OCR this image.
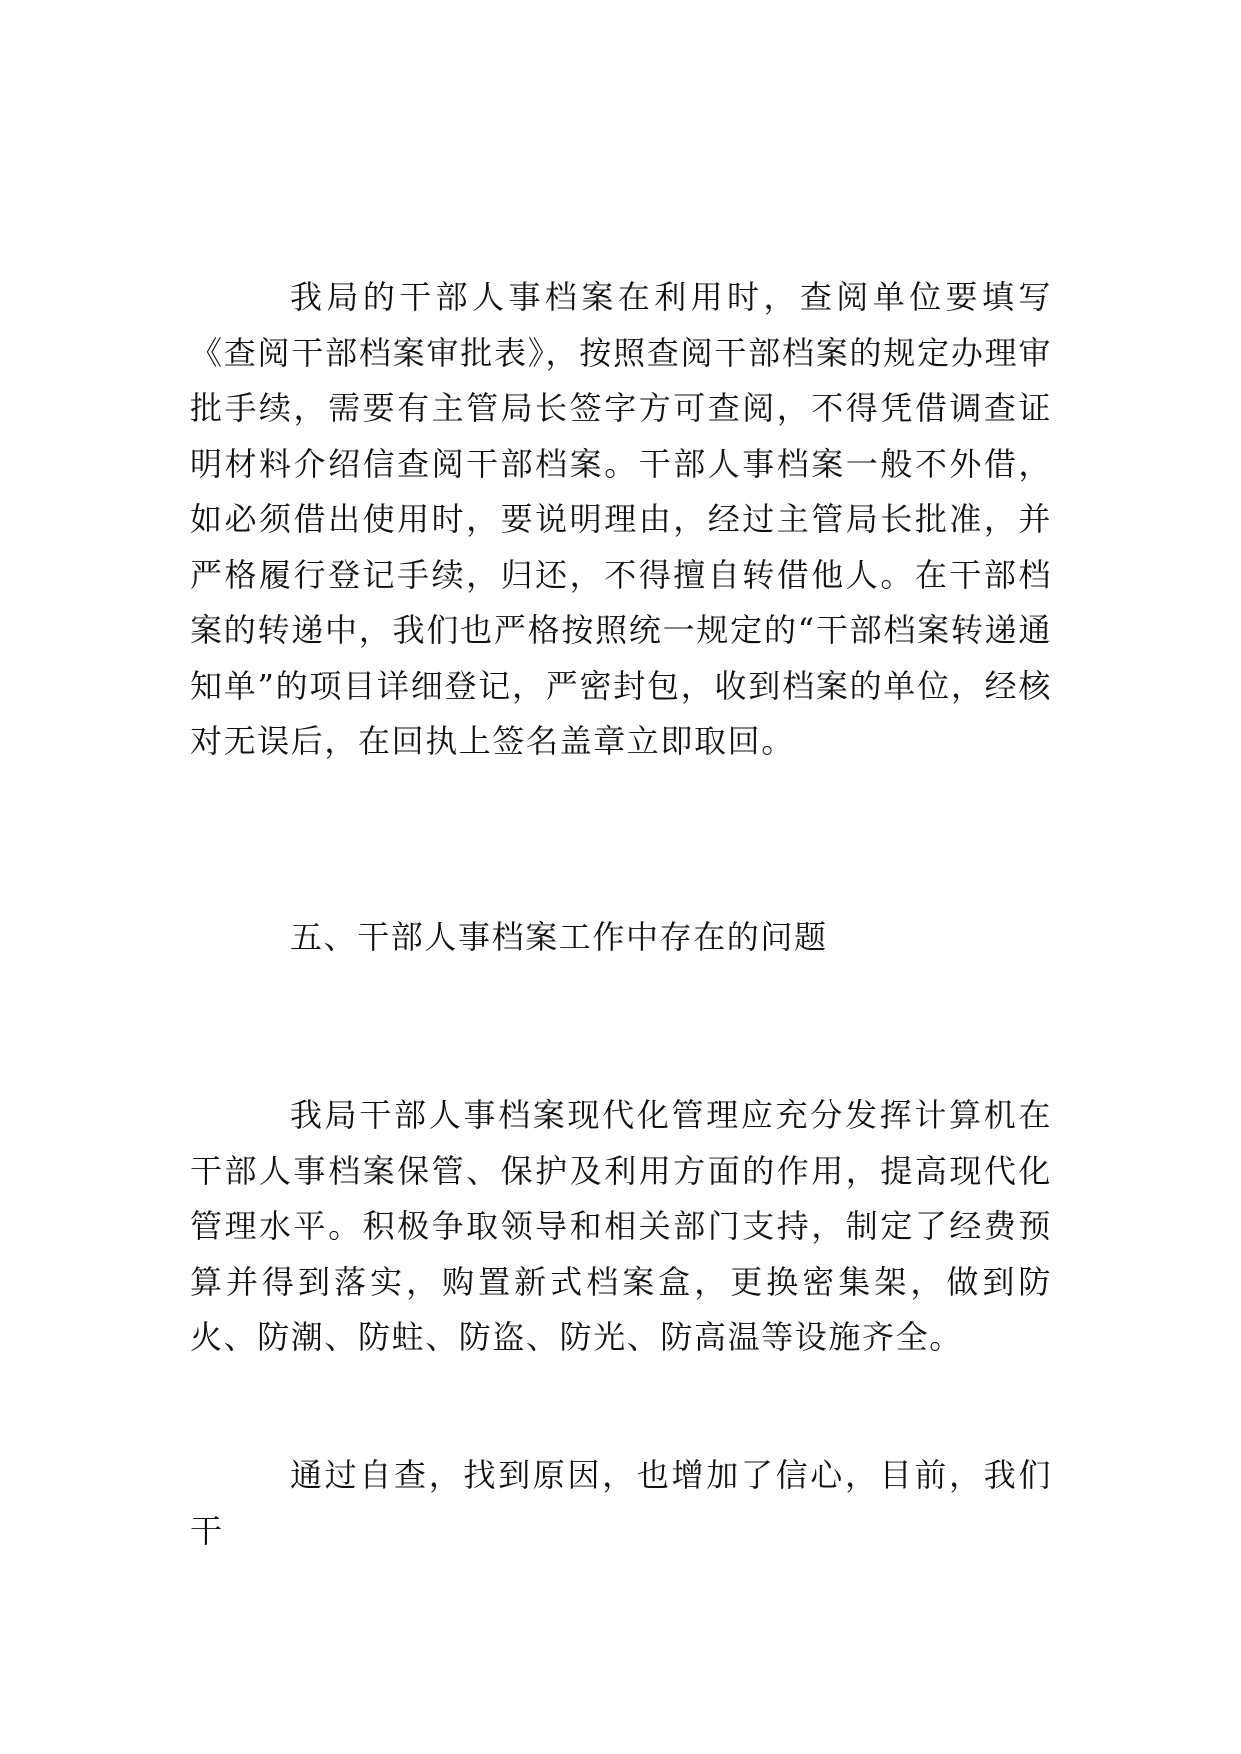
我局的干部人事档案在利用时，查阅单位要填写《查阅干部档案审批表》，按照查阅干部档案的规定办理审批手续，需要有主管局长签字方可查阅，不得凭借调查证明材料介绍信查阅干部档案。干部人事档案一般不外借，如必须借出使用时，要说明理由，经过主管局长批准，并严格履行登记手续，归还，不得擅自转借他人。在干部档案的转递中，我们也严格按照统一规定的“干部档案转递通知单”的项目详细登记，严密封包，收到档案的单位，经核对无误后，在回执上签名盖章立即取回。

五、干部人事档案工作中存在的问题

我局干部人事档案现代化管理应充分发挥计算机在干部人事档案保管、保护及利用方面的作用，提高现代化管理水平。积极争取领导和相关部门支持，制定了经费预算并得到落实，购置新式档案盒，更换密集架，做到防火、防潮、防蛀、防盗、防光、防高温等设施齐全。

通过自查，找到原因，也增加了信心，目前，我们干
